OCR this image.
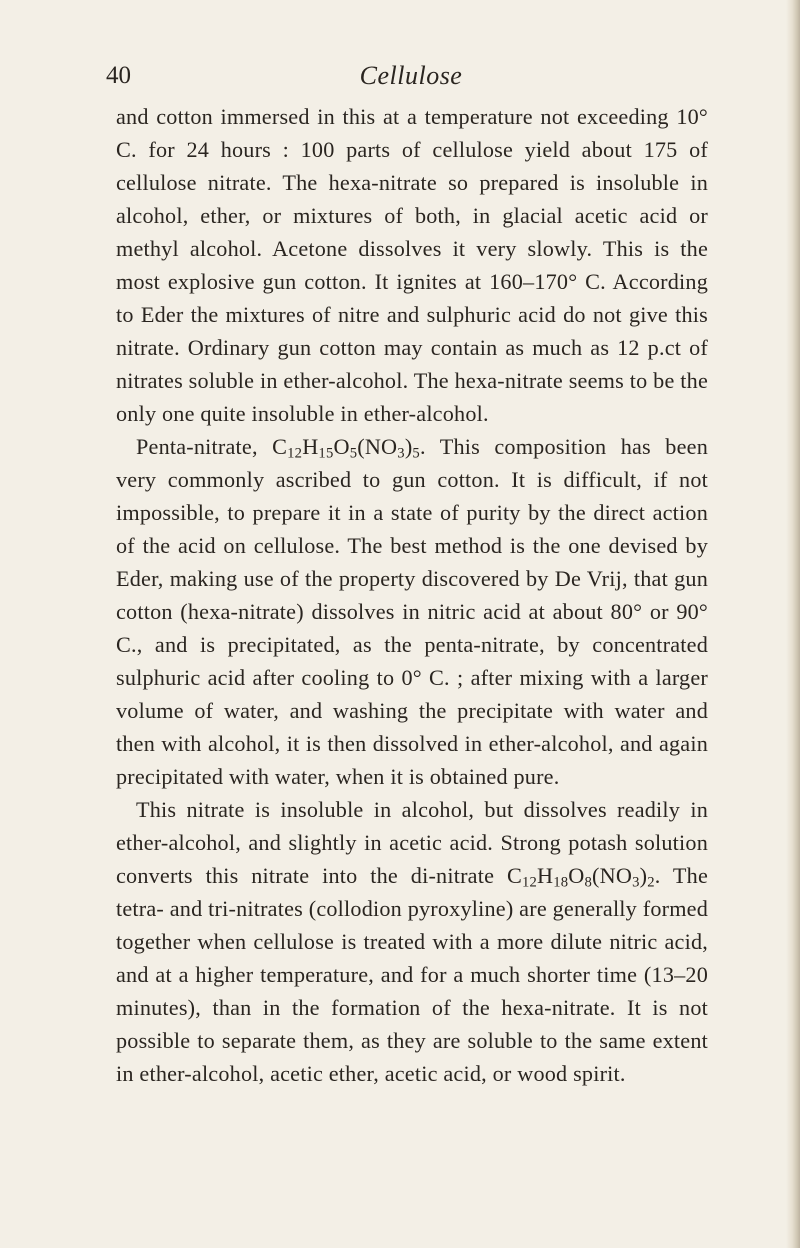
40	Cellulose

and cotton immersed in this at a temperature not exceeding 10° C. for 24 hours : 100 parts of cellulose yield about 175 of cellulose nitrate. The hexa-nitrate so prepared is insoluble in alcohol, ether, or mixtures of both, in glacial acetic acid or methyl alcohol. Acetone dissolves it very slowly. This is the most explosive gun cotton. It ignites at 160–170° C. According to Eder the mixtures of nitre and sulphuric acid do not give this nitrate. Ordinary gun cotton may contain as much as 12 p.ct of nitrates soluble in ether-alcohol. The hexa-nitrate seems to be the only one quite insoluble in ether-alcohol.

Penta-nitrate, $C_{12}H_{15}O_5(NO_3)_5$. This composition has been very commonly ascribed to gun cotton. It is difficult, if not impossible, to prepare it in a state of purity by the direct action of the acid on cellulose. The best method is the one devised by Eder, making use of the property discovered by De Vrij, that gun cotton (hexa-nitrate) dissolves in nitric acid at about 80° or 90° C., and is precipitated, as the penta-nitrate, by concentrated sulphuric acid after cooling to 0° C. ; after mixing with a larger volume of water, and washing the precipitate with water and then with alcohol, it is then dissolved in ether-alcohol, and again precipitated with water, when it is obtained pure.

This nitrate is insoluble in alcohol, but dissolves readily in ether-alcohol, and slightly in acetic acid. Strong potash solution converts this nitrate into the di-nitrate $C_{12}H_{18}O_8(NO_3)_2$. The tetra- and tri-nitrates (collodion pyroxyline) are generally formed together when cellulose is treated with a more dilute nitric acid, and at a higher temperature, and for a much shorter time (13–20 minutes), than in the formation of the hexa-nitrate. It is not possible to separate them, as they are soluble to the same extent in ether-alcohol, acetic ether, acetic acid, or wood spirit.
